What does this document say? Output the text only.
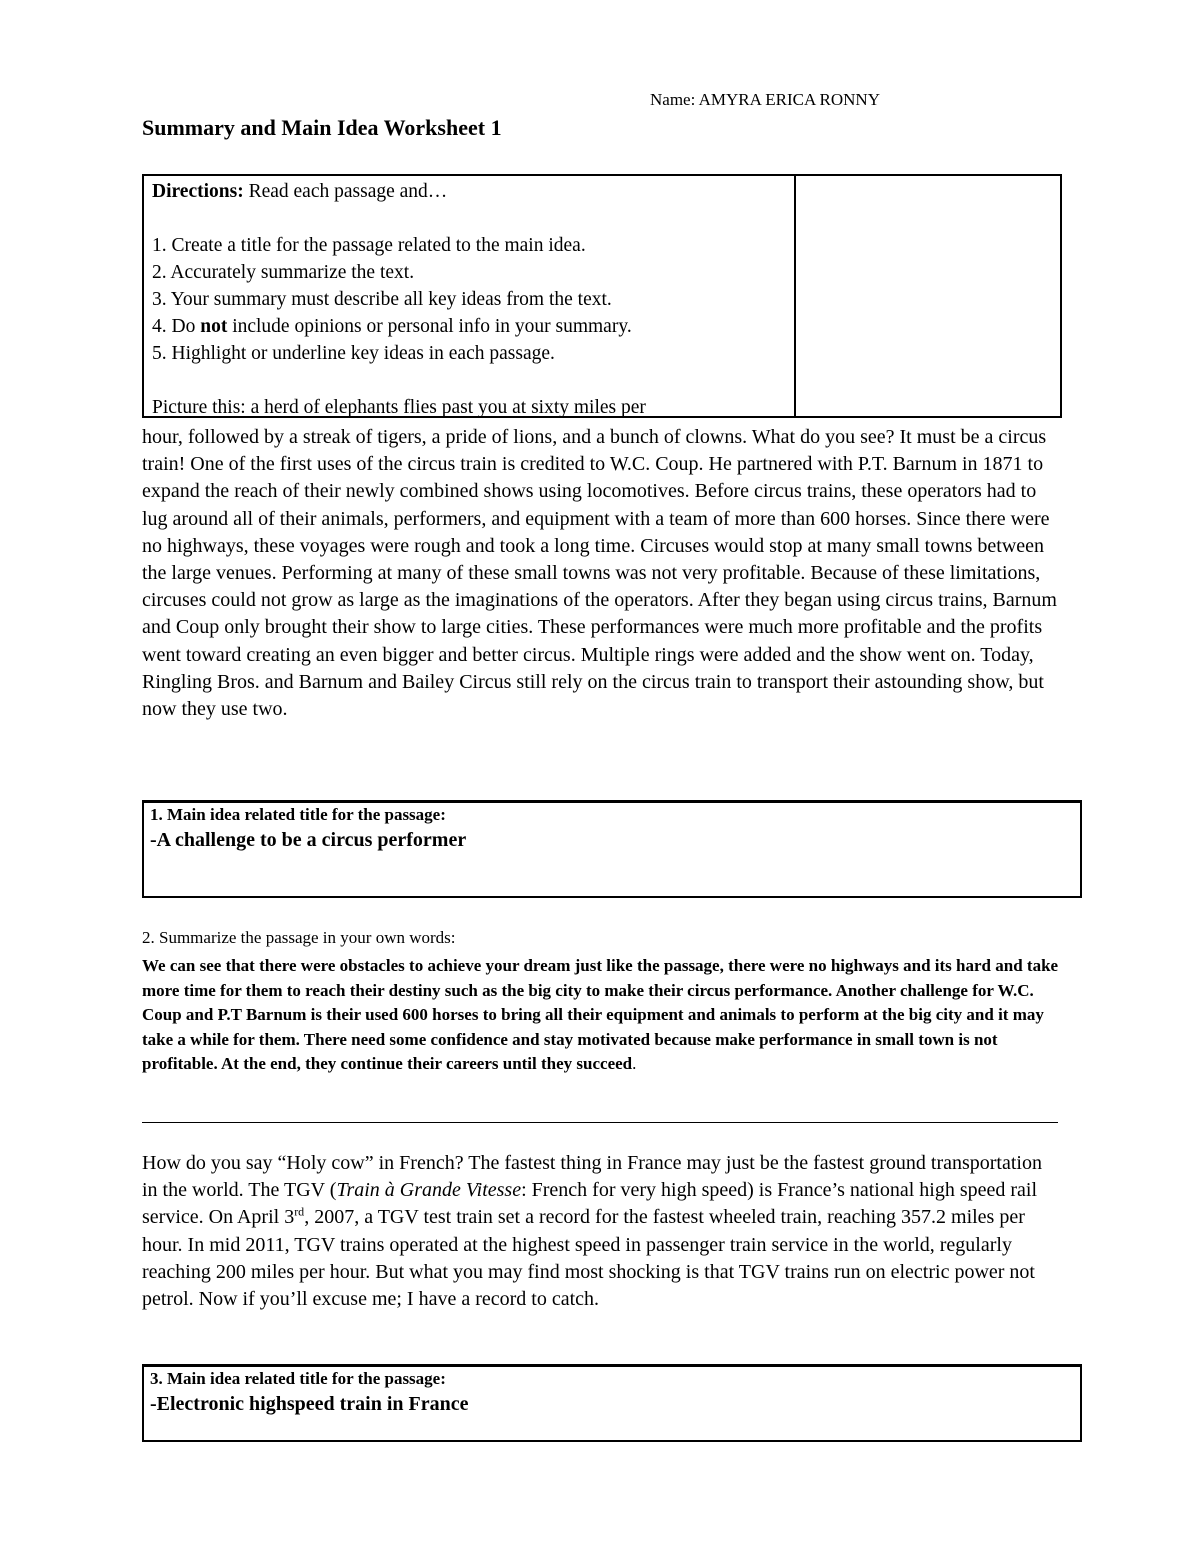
Name: AMYRA ERICA RONNY
Summary and Main Idea Worksheet 1

Directions: Read each passage and…

1. Create a title for the passage related to the main idea.

2. Accurately summarize the text.

3. Your summary must describe all key ideas from the text.

4. Do not include opinions or personal info in your summary.

5. Highlight or underline key ideas in each passage.

Picture this: a herd of elephants flies past you at sixty miles per

hour, followed by a streak of tigers, a pride of lions, and a bunch of clowns. What do you see? It must be a circus train! One of the first uses of the circus train is credited to W.C. Coup. He partnered with P.T. Barnum in 1871 to expand the reach of their newly combined shows using locomotives. Before circus trains, these operators had to lug around all of their animals, performers, and equipment with a team of more than 600 horses. Since there were no highways, these voyages were rough and took a long time. Circuses would stop at many small towns between the large venues. Performing at many of these small towns was not very profitable. Because of these limitations, circuses could not grow as large as the imaginations of the operators. After they began using circus trains, Barnum and Coup only brought their show to large cities. These performances were much more profitable and the profits went toward creating an even bigger and better circus. Multiple rings were added and the show went on. Today, Ringling Bros. and Barnum and Bailey Circus still rely on the circus train to transport their astounding show, but now they use two.
1. Main idea related title for the passage:
-A challenge to be a circus performer
2. Summarize the passage in your own words:
We can see that there were obstacles to achieve your dream just like the passage, there were no highways and its hard and take more time for them to reach their destiny such as the big city to make their circus performance. Another challenge for W.C. Coup and P.T Barnum is their used 600 horses to bring all their equipment and animals to perform at the big city and it may take a while for them. There need some confidence and stay motivated because make performance in small town is not profitable. At the end, they continue their careers until they succeed.
How do you say “Holy cow” in French? The fastest thing in France may just be the fastest ground transportation in the world. The TGV (Train à Grande Vitesse: French for very high speed) is France’s national high speed rail service. On April 3rd, 2007, a TGV test train set a record for the fastest wheeled train, reaching 357.2 miles per hour. In mid 2011, TGV trains operated at the highest speed in passenger train service in the world, regularly reaching 200 miles per hour. But what you may find most shocking is that TGV trains run on electric power not petrol. Now if you’ll excuse me; I have a record to catch.
3. Main idea related title for the passage:
-Electronic highspeed train in France
